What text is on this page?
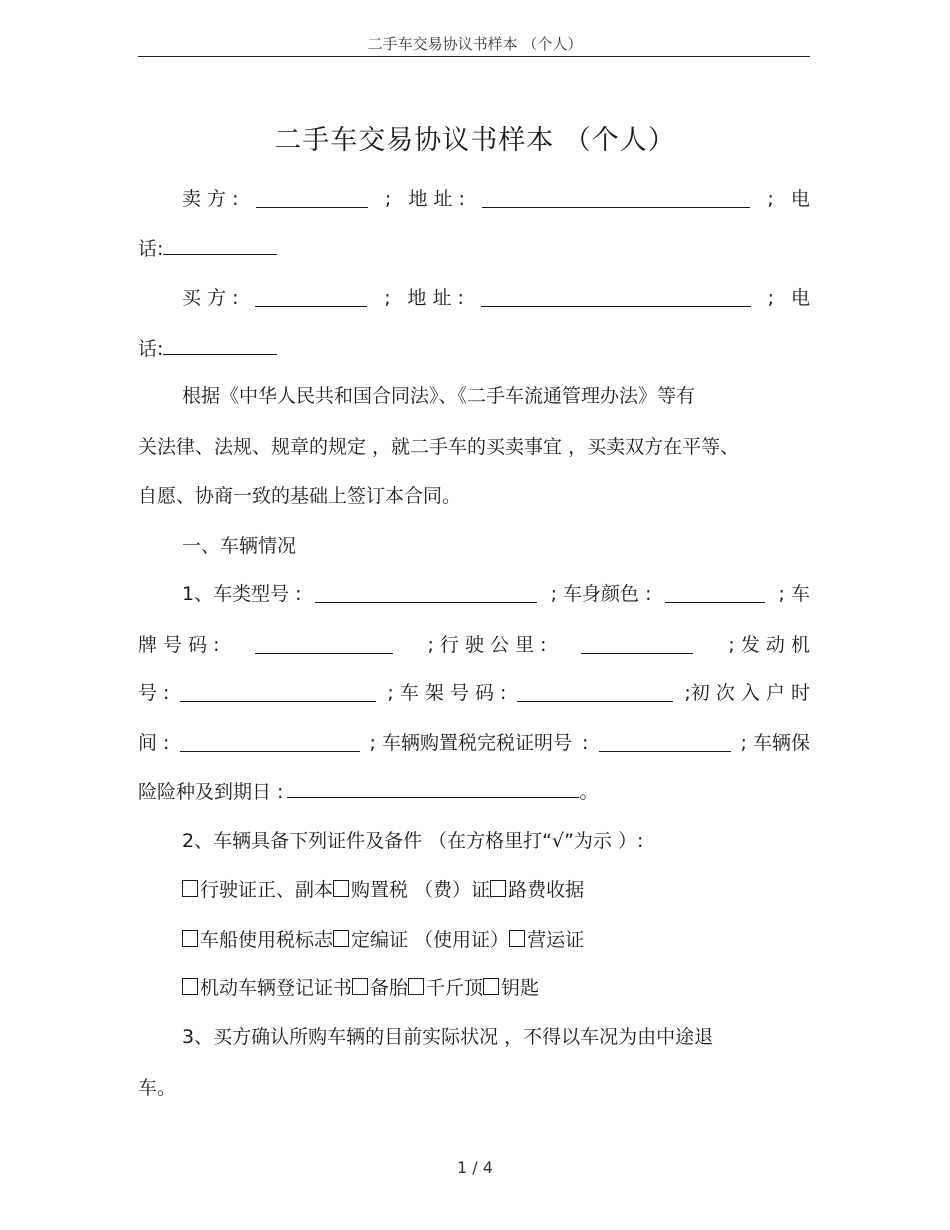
二手车交易协议书样本 （个人）
二手车交易协议书样本 （个人）
卖 方 :	; 地 址 :	; 电
话:
买 方 :	; 地 址 :	; 电
话:
根据《中华人民共和国合同法》、《二手车流通管理办法》等有
关法律、法规、规章的规定 ，就二手车的买卖事宜 ，买卖双方在平等、
自愿、协商一致的基础上签订本合同。
一、车辆情况
1、车类型号 :	; 车身颜色 :	; 车
牌 号 码 :	; 行 驶 公 里 :	; 发 动 机
号 :	; 车 架 号 码 :	;初 次 入 户 时
间 :	; 车辆购置税完税证明号 :	; 车辆保
险险种及到期日 :	。
2、车辆具备下列证件及备件 （在方格里打“√”为示 ）:
行驶证正、副本 购置税 （费）证 路费收据
车船使用税标志 定编证 （使用证） 营运证
机动车辆登记证书 备胎 千斤顶 钥匙
3、买方确认所购车辆的目前实际状况 ，不得以车况为由中途退
车。
1 / 4
